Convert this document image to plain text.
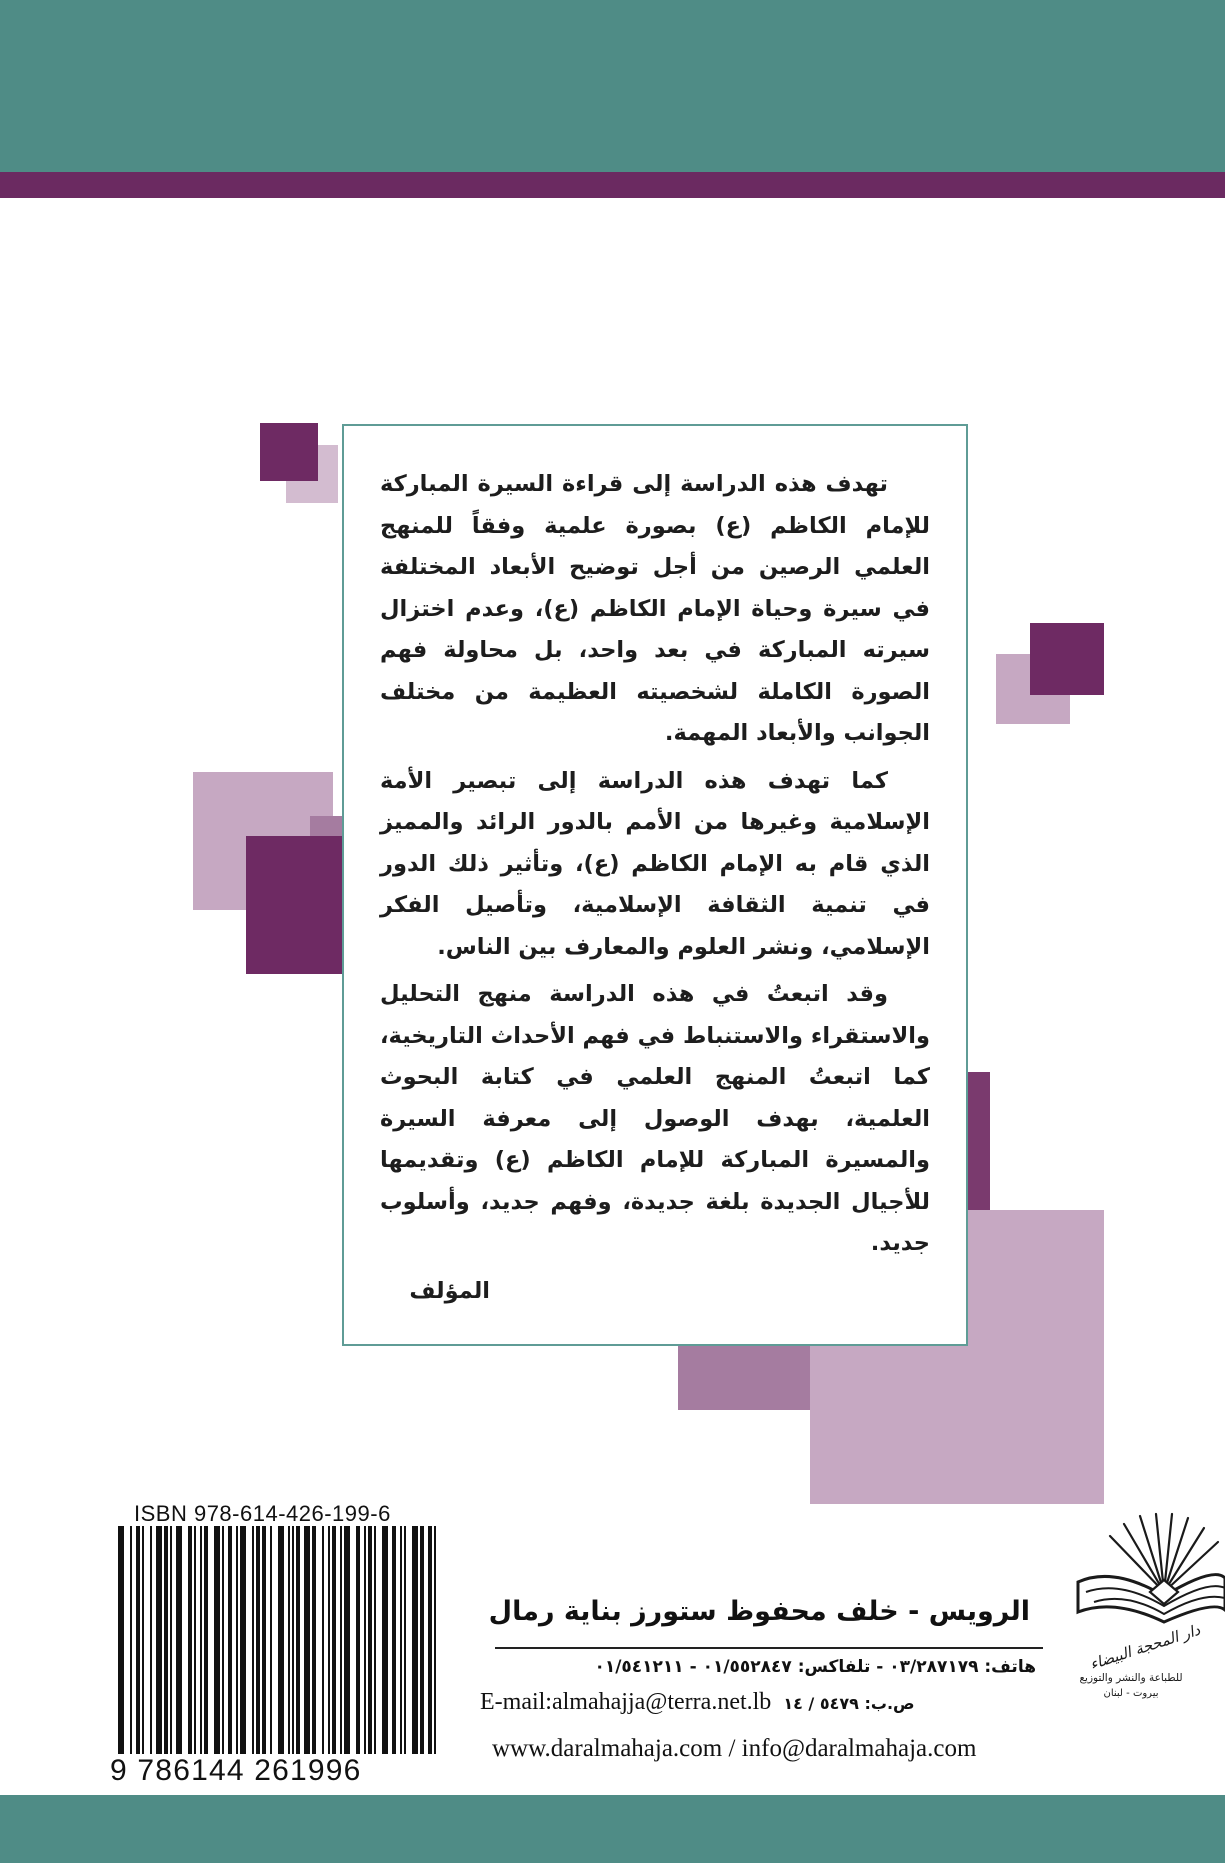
تهدف هذه الدراسة إلى قراءة السيرة المباركة للإمام الكاظم (ع) بصورة علمية وفقاً للمنهج العلمي الرصين من أجل توضيح الأبعاد المختلفة في سيرة وحياة الإمام الكاظم (ع)، وعدم اختزال سيرته المباركة في بعد واحد، بل محاولة فهم الصورة الكاملة لشخصيته العظيمة من مختلف الجوانب والأبعاد المهمة.

كما تهدف هذه الدراسة إلى تبصير الأمة الإسلامية وغيرها من الأمم بالدور الرائد والمميز الذي قام به الإمام الكاظم (ع)، وتأثير ذلك الدور في تنمية الثقافة الإسلامية، وتأصيل الفكر الإسلامي، ونشر العلوم والمعارف بين الناس.

وقد اتبعتُ في هذه الدراسة منهج التحليل والاستقراء والاستنباط في فهم الأحداث التاريخية، كما اتبعتُ المنهج العلمي في كتابة البحوث العلمية، بهدف الوصول إلى معرفة السيرة والمسيرة المباركة للإمام الكاظم (ع) وتقديمها للأجيال الجديدة بلغة جديدة، وفهم جديد، وأسلوب جديد.

المؤلف

ISBN 978-614-426-199-6
9 786144 261996
الرويس - خلف محفوظ ستورز بناية رمال
هاتف: ٠٣/٢٨٧١٧٩ - تلفاكس: ٠١/٥٥٢٨٤٧ - ٠١/٥٤١٢١١
E-mail:almahajja@terra.net.lb ص.ب: ٥٤٧٩ / ١٤
www.daralmahaja.com / info@daralmahaja.com
دار المحجة البيضاء
للطباعة والنشر والتوزيع
بيروت - لبنان
